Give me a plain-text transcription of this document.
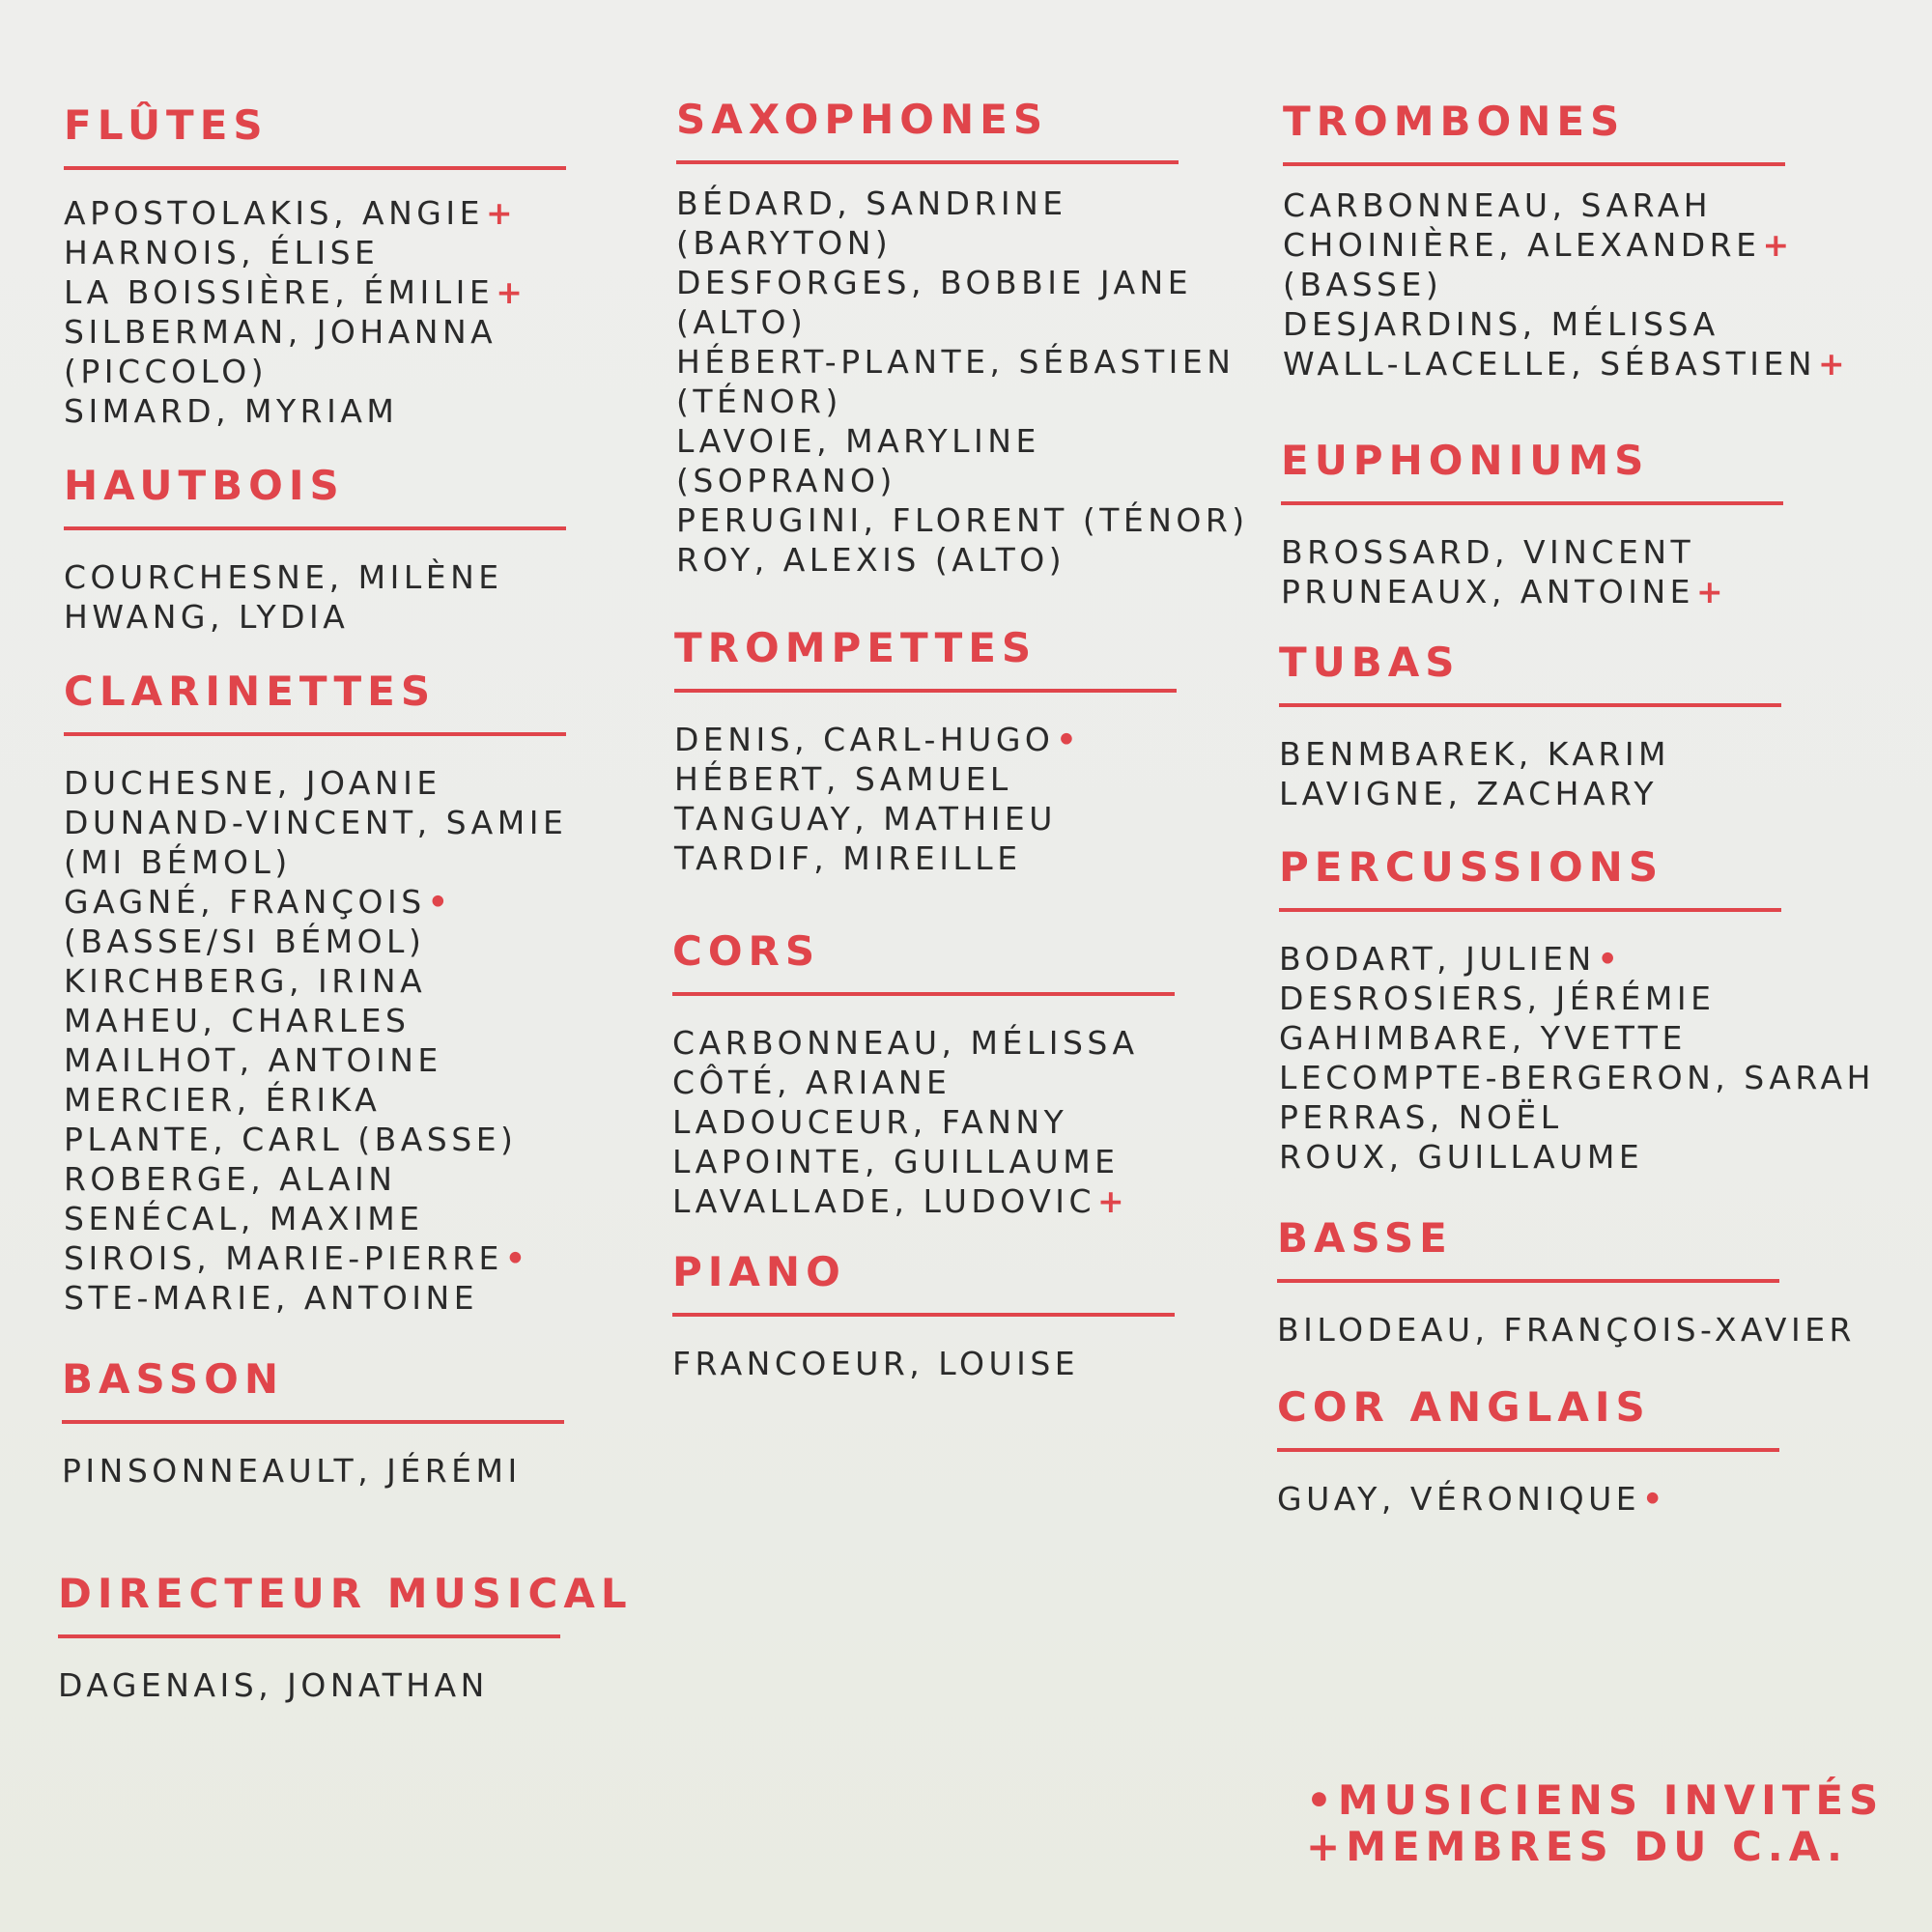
FLÛTES
APOSTOLAKIS, ANGIE+
HARNOIS, ÉLISE
LA BOISSIÈRE, ÉMILIE+
SILBERMAN, JOHANNA
(PICCOLO)
SIMARD, MYRIAM
HAUTBOIS
COURCHESNE, MILÈNE
HWANG, LYDIA
CLARINETTES
DUCHESNE, JOANIE
DUNAND-VINCENT, SAMIE
(MI BÉMOL)
GAGNÉ, FRANÇOIS•
(BASSE/SI BÉMOL)
KIRCHBERG, IRINA
MAHEU, CHARLES
MAILHOT, ANTOINE
MERCIER, ÉRIKA
PLANTE, CARL (BASSE)
ROBERGE, ALAIN
SENÉCAL, MAXIME
SIROIS, MARIE-PIERRE•
STE-MARIE, ANTOINE
BASSON
PINSONNEAULT, JÉRÉMI
DIRECTEUR MUSICAL
DAGENAIS, JONATHAN
SAXOPHONES
BÉDARD, SANDRINE
(BARYTON)
DESFORGES, BOBBIE JANE
(ALTO)
HÉBERT-PLANTE, SÉBASTIEN
(TÉNOR)
LAVOIE, MARYLINE
(SOPRANO)
PERUGINI, FLORENT (TÉNOR)
ROY, ALEXIS (ALTO)
TROMPETTES
DENIS, CARL-HUGO•
HÉBERT, SAMUEL
TANGUAY, MATHIEU
TARDIF, MIREILLE
CORS
CARBONNEAU, MÉLISSA
CÔTÉ, ARIANE
LADOUCEUR, FANNY
LAPOINTE, GUILLAUME
LAVALLADE, LUDOVIC+
PIANO
FRANCOEUR, LOUISE
TROMBONES
CARBONNEAU, SARAH
CHOINIÈRE, ALEXANDRE+
(BASSE)
DESJARDINS, MÉLISSA
WALL-LACELLE, SÉBASTIEN+
EUPHONIUMS
BROSSARD, VINCENT
PRUNEAUX, ANTOINE+
TUBAS
BENMBAREK, KARIM
LAVIGNE, ZACHARY
PERCUSSIONS
BODART, JULIEN•
DESROSIERS, JÉRÉMIE
GAHIMBARE, YVETTE
LECOMPTE-BERGERON, SARAH
PERRAS, NOËL
ROUX, GUILLAUME
BASSE
BILODEAU, FRANÇOIS-XAVIER
COR ANGLAIS
GUAY, VÉRONIQUE•
•MUSICIENS INVITÉS
+MEMBRES DU C.A.
